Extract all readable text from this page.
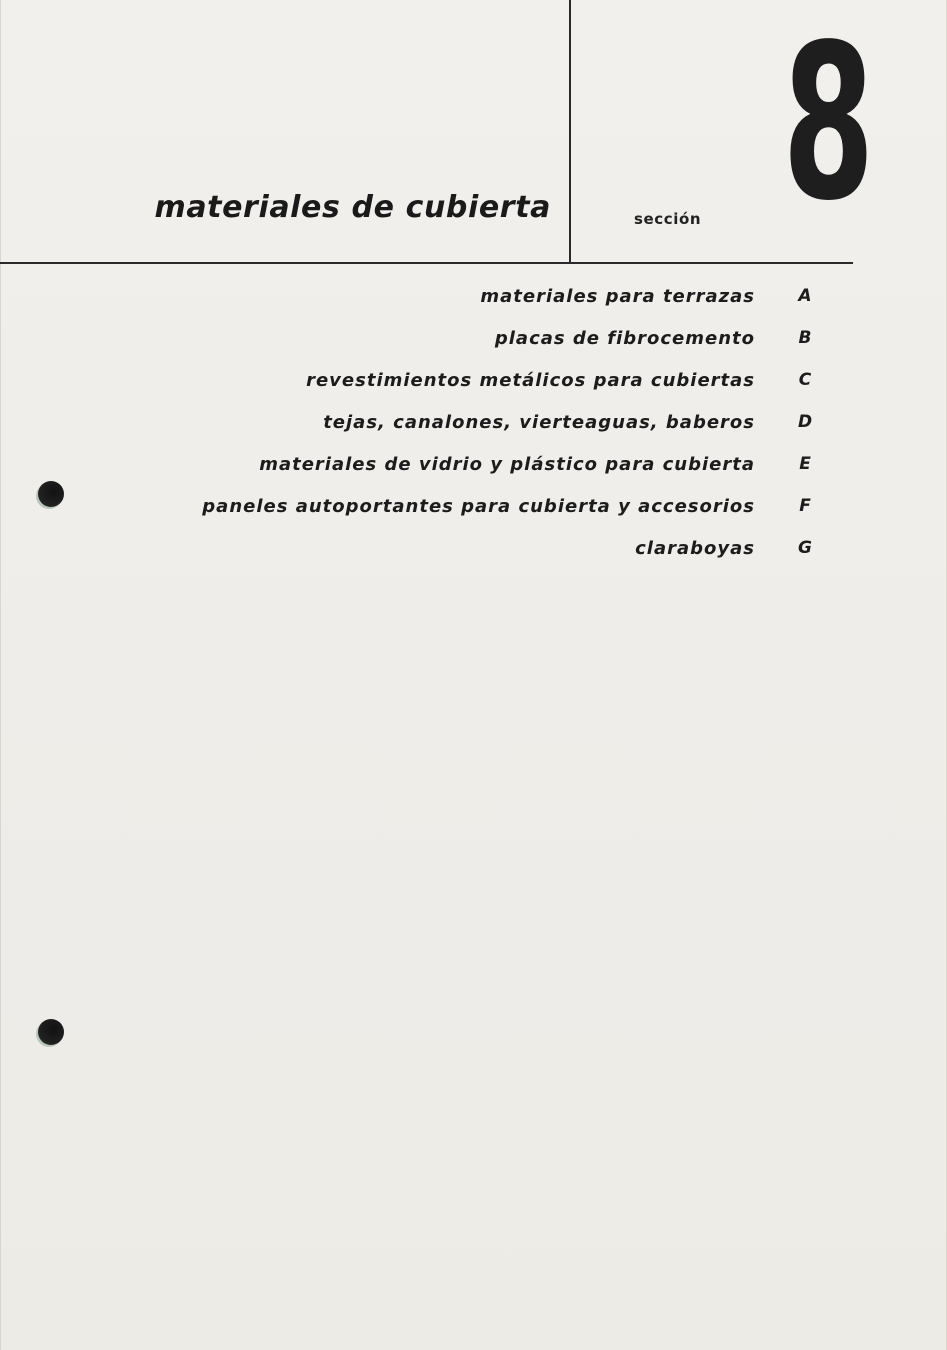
materiales de cubierta	sección 8
materiales para terrazas	A
placas de fibrocemento	B
revestimientos metálicos para cubiertas	C
tejas, canalones, vierteaguas, baberos	D
materiales de vidrio y plástico para cubierta	E
paneles autoportantes para cubierta y accesorios	F
claraboyas	G
